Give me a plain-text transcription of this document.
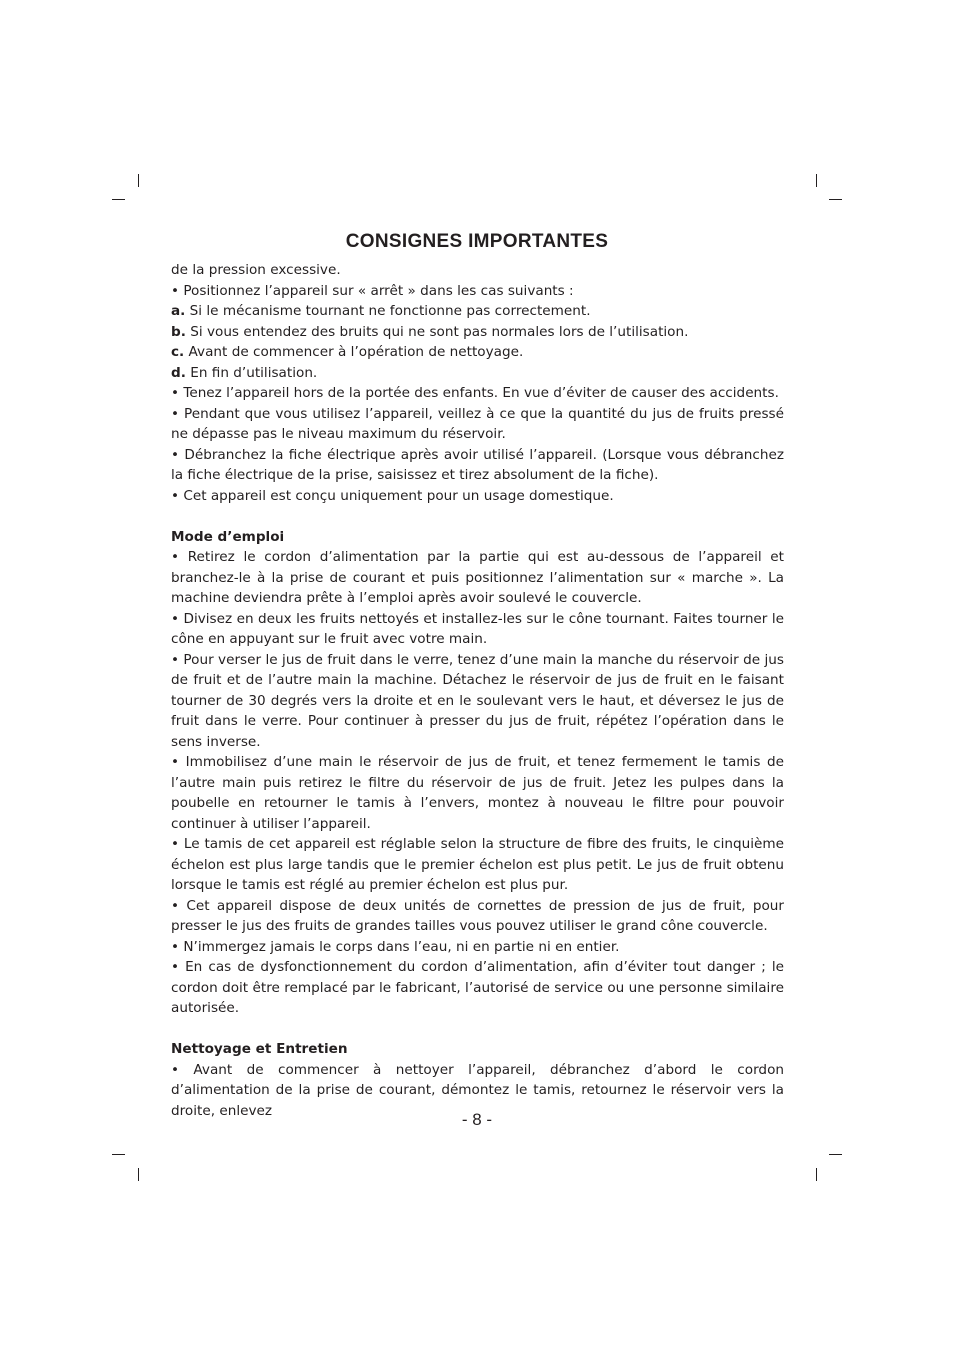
CONSIGNES IMPORTANTES

de la pression excessive.

• Positionnez l’appareil sur « arrêt » dans les cas suivants :

a. Si le mécanisme tournant ne fonctionne pas correctement.

b. Si vous entendez des bruits qui ne sont pas normales lors de l’utilisation.

c. Avant de commencer à l’opération de nettoyage.

d. En fin d’utilisation.

• Tenez l’appareil hors de la portée des enfants. En vue d’éviter de causer des accidents.

• Pendant que vous utilisez l’appareil, veillez à ce que la quantité du jus de fruits pressé ne dépasse pas le niveau maximum du réservoir.

• Débranchez la fiche électrique après avoir utilisé l’appareil. (Lorsque vous débranchez la fiche électrique de la prise, saisissez et tirez absolument de la fiche).

• Cet appareil est conçu uniquement pour un usage domestique.

Mode d’emploi

• Retirez le cordon d’alimentation par la partie qui est au-dessous de l’appareil et branchez-le à la prise de courant et puis positionnez l’alimentation sur « marche ». La machine deviendra prête à l’emploi après avoir soulevé le couvercle.

• Divisez en deux les fruits nettoyés et installez-les sur le cône tournant. Faites tourner le cône en appuyant sur le fruit avec votre main.

• Pour verser le jus de fruit dans le verre, tenez d’une main la manche du réservoir de jus de fruit et de l’autre main la machine. Détachez le réservoir de jus de fruit en le faisant tourner de 30 degrés vers la droite et en le soulevant vers le haut, et déversez le jus de fruit dans le verre. Pour continuer à presser du jus de fruit, répétez l’opération dans le sens inverse.

• Immobilisez d’une main le réservoir de jus de fruit, et tenez fermement le tamis de l’autre main puis retirez le filtre du réservoir de jus de fruit. Jetez les pulpes dans la poubelle en retourner le tamis à l’envers, montez à nouveau le filtre pour pouvoir continuer à utiliser l’appareil.

• Le tamis de cet appareil est réglable selon la structure de fibre des fruits, le cinquième échelon est plus large tandis que le premier échelon est plus petit. Le jus de fruit obtenu lorsque le tamis est réglé au premier échelon est plus pur.

• Cet appareil dispose de deux unités de cornettes de pression de jus de fruit, pour presser le jus des fruits de grandes tailles vous pouvez utiliser le grand cône couvercle.

• N’immergez jamais le corps dans l’eau, ni en partie ni en entier.

• En cas de dysfonctionnement du cordon d’alimentation, afin d’éviter tout danger ; le cordon doit être remplacé par le fabricant, l’autorisé de service ou une personne similaire autorisée.

Nettoyage et Entretien

• Avant de commencer à nettoyer l’appareil, débranchez d’abord le cordon d’alimentation de la prise de courant, démontez le tamis, retournez le réservoir vers la droite, enlevez	- 8 -
